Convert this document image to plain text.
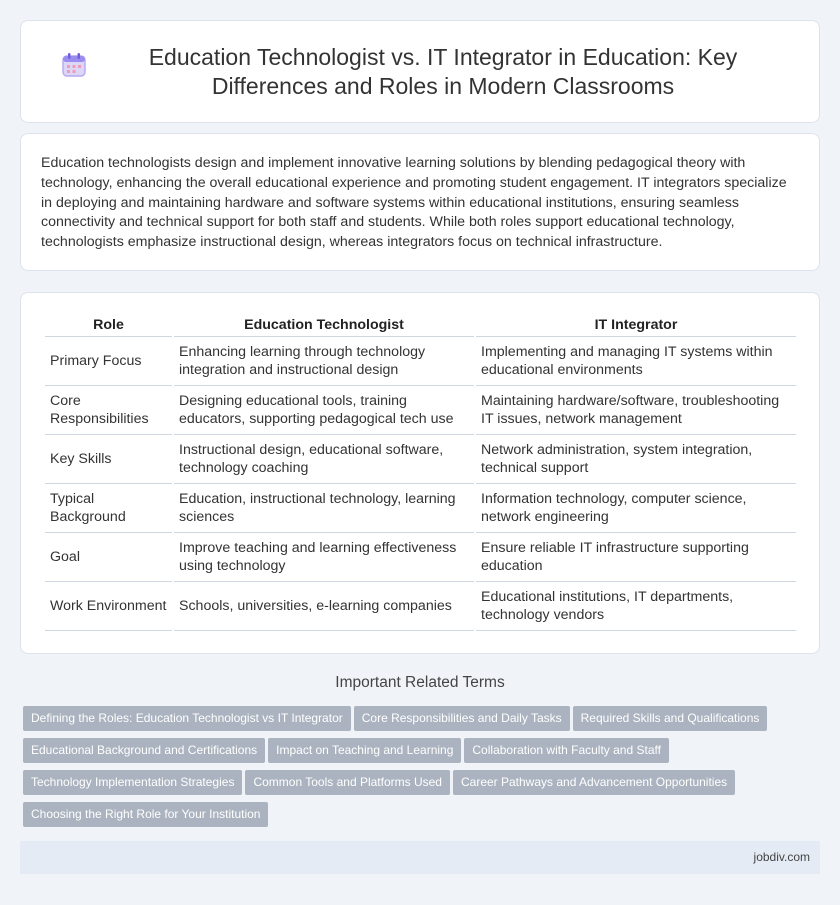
Education Technologist vs. IT Integrator in Education: Key Differences and Roles in Modern Classrooms

Education technologists design and implement innovative learning solutions by blending pedagogical theory with technology, enhancing the overall educational experience and promoting student engagement. IT integrators specialize in deploying and maintaining hardware and software systems within educational institutions, ensuring seamless connectivity and technical support for both staff and students. While both roles support educational technology, technologists emphasize instructional design, whereas integrators focus on technical infrastructure.

Role	Education Technologist	IT Integrator
Primary Focus	Enhancing learning through technology integration and instructional design	Implementing and managing IT systems within educational environments
Core Responsibilities	Designing educational tools, training educators, supporting pedagogical tech use	Maintaining hardware/software, troubleshooting IT issues, network management
Key Skills	Instructional design, educational software, technology coaching	Network administration, system integration, technical support
Typical Background	Education, instructional technology, learning sciences	Information technology, computer science, network engineering
Goal	Improve teaching and learning effectiveness using technology	Ensure reliable IT infrastructure supporting education
Work Environment	Schools, universities, e-learning companies	Educational institutions, IT departments, technology vendors
Important Related Terms
Defining the Roles: Education Technologist vs IT Integrator Core Responsibilities and Daily Tasks Required Skills and Qualifications
Educational Background and Certifications Impact on Teaching and Learning Collaboration with Faculty and Staff
Technology Implementation Strategies Common Tools and Platforms Used Career Pathways and Advancement Opportunities
Choosing the Right Role for Your Institution
jobdiv.com
